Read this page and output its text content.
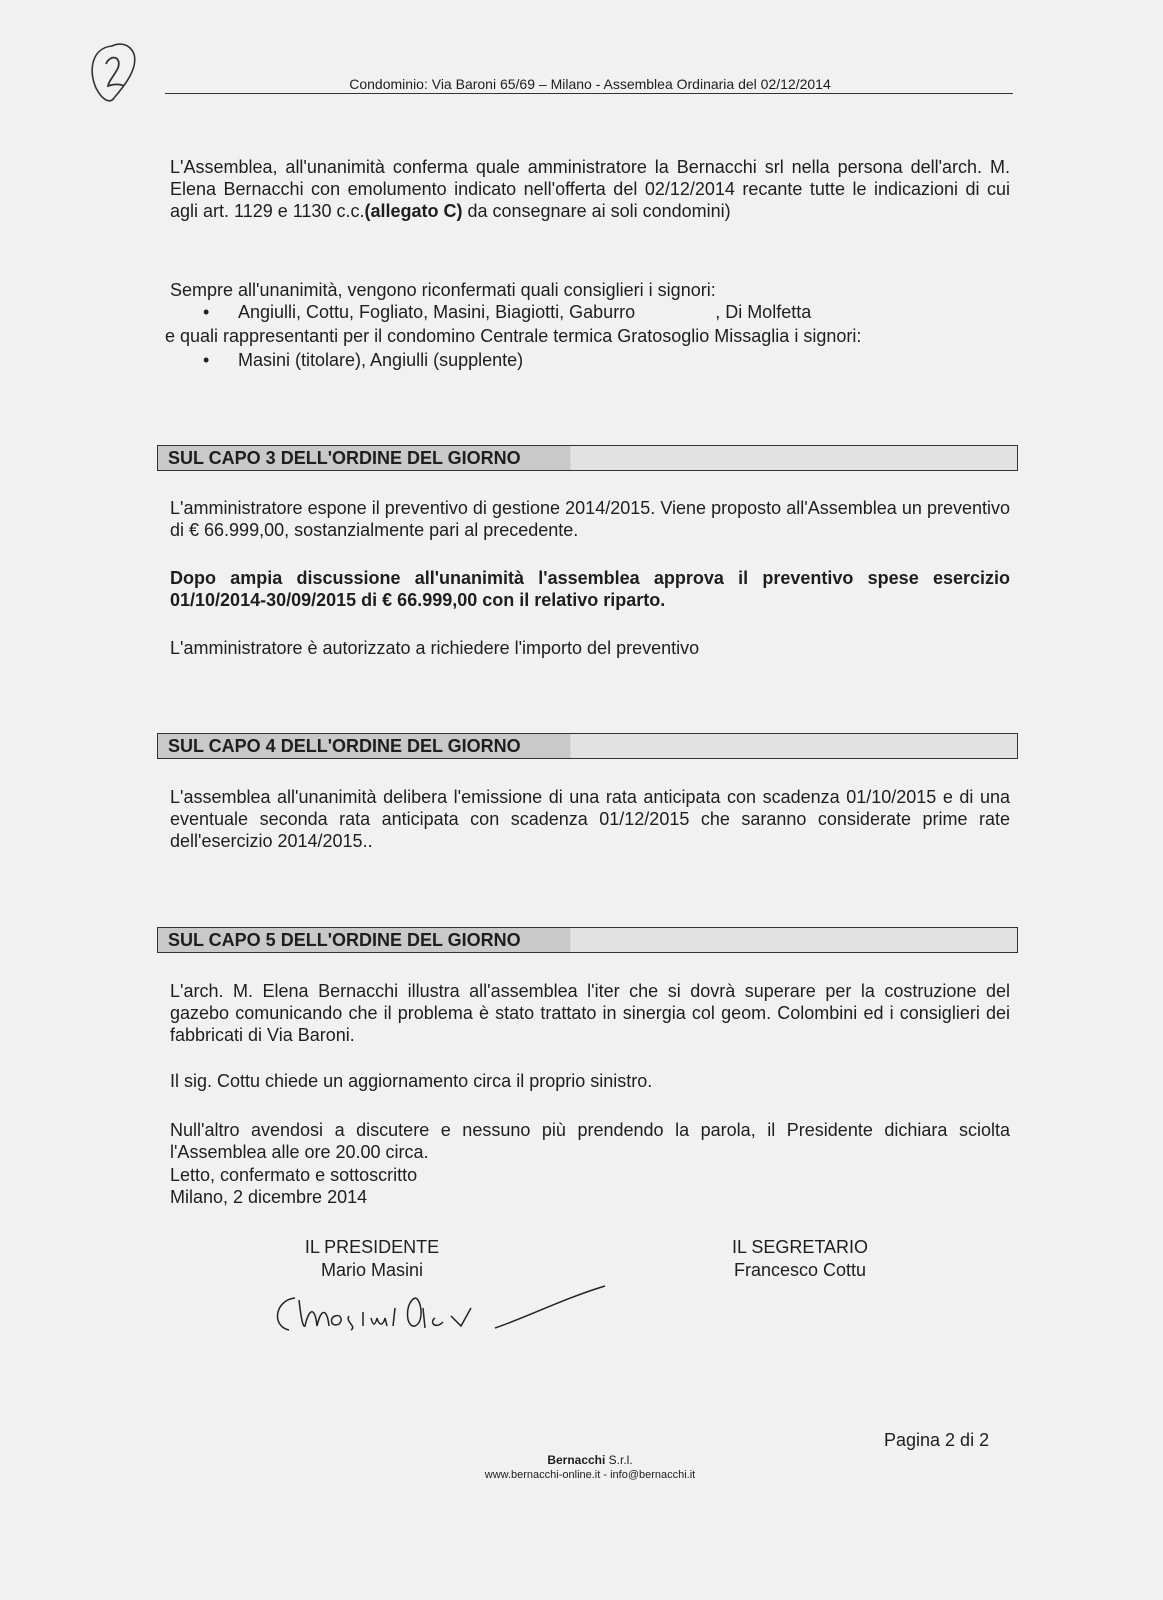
Condominio: Via Baroni 65/69 – Milano - Assemblea Ordinaria del 02/12/2014
L'Assemblea, all'unanimità conferma quale amministratore la Bernacchi srl nella persona dell'arch. M. Elena Bernacchi con emolumento indicato nell'offerta del 02/12/2014 recante tutte le indicazioni di cui agli art. 1129 e 1130 c.c.(allegato C) da consegnare ai soli condomini)
Sempre all'unanimità, vengono riconfermati quali consiglieri i signori:
• Angiulli, Cottu, Fogliato, Masini, Biagiotti, Gaburro	, Di Molfetta
e quali rappresentanti per il condomino Centrale termica Gratosoglio Missaglia i signori:
• Masini (titolare), Angiulli (supplente)
SUL CAPO 3 DELL'ORDINE DEL GIORNO
L'amministratore espone il preventivo di gestione 2014/2015. Viene proposto all'Assemblea un preventivo di € 66.999,00, sostanzialmente pari al precedente.
Dopo ampia discussione all'unanimità l'assemblea approva il preventivo spese esercizio 01/10/2014-30/09/2015 di € 66.999,00 con il relativo riparto.
L'amministratore è autorizzato a richiedere l'importo del preventivo
SUL CAPO 4 DELL'ORDINE DEL GIORNO
L'assemblea all'unanimità delibera l'emissione di una rata anticipata con scadenza 01/10/2015 e di una eventuale seconda rata anticipata con scadenza 01/12/2015 che saranno considerate prime rate dell'esercizio 2014/2015..
SUL CAPO 5 DELL'ORDINE DEL GIORNO
L'arch. M. Elena Bernacchi illustra all'assemblea l'iter che si dovrà superare per la costruzione del gazebo comunicando che il problema è stato trattato in sinergia col geom. Colombini ed i consiglieri dei fabbricati di Via Baroni.
Il sig. Cottu chiede un aggiornamento circa il proprio sinistro.
Null'altro avendosi a discutere e nessuno più prendendo la parola, il Presidente dichiara sciolta l'Assemblea alle ore 20.00 circa.
Letto, confermato e sottoscritto
Milano, 2 dicembre 2014
IL PRESIDENTE
Mario Masini
IL SEGRETARIO
Francesco Cottu
Pagina 2 di 2
Bernacchi S.r.l.
www.bernacchi-online.it - info@bernacchi.it
